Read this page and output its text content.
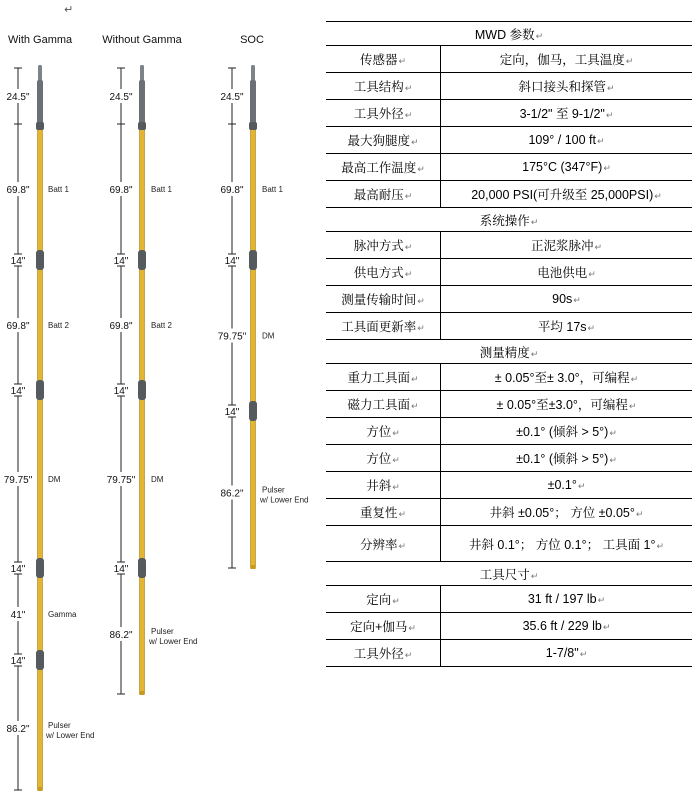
↵
With Gamma
24.5"
69.8" Batt 1
14"
69.8" Batt 2
14"
79.75" DM
14"
41"	Gamma
14"
86.2" Pulser
w/ Lower End
Without Gamma
24.5"
69.8" Batt 1
14"
69.8" Batt 2
14"
79.75" DM
14"
86.2" Pulser
w/ Lower End
SOC
24.5"
69.8" Batt 1
14"
79.75" DM
14"
86.2" Pulser
w/ Lower End
MWD 参数↵	
传感器↵	定向，伽马，工具温度↵
工具结构↵	斜口接头和探管↵
工具外径↵	3-1/2" 至 9-1/2"↵
最大狗腿度↵	109° / 100 ft↵
最高工作温度↵	175°C (347°F)↵
最高耐压↵	20,000 PSI(可升级至 25,000PSI)↵
系统操作↵	
脉冲方式↵	正泥浆脉冲↵
供电方式↵	电池供电↵
测量传输时间↵	90s↵
工具面更新率↵	平均 17s↵
测量精度↵	
重力工具面↵	± 0.05°至± 3.0°，可编程↵
磁力工具面↵	± 0.05°至±3.0°，可编程↵
方位↵	±0.1° (倾斜 > 5°)↵
方位↵	±0.1° (倾斜 > 5°)↵
井斜↵	±0.1°↵
重复性↵	井斜 ±0.05°； 方位 ±0.05°↵
分辨率↵	井斜 0.1°； 方位 0.1°； 工具面 1°↵
工具尺寸↵	
定向↵	31 ft / 197 lb↵
定向+伽马↵	35.6 ft / 229 lb↵
工具外径↵	1-7/8"↵
